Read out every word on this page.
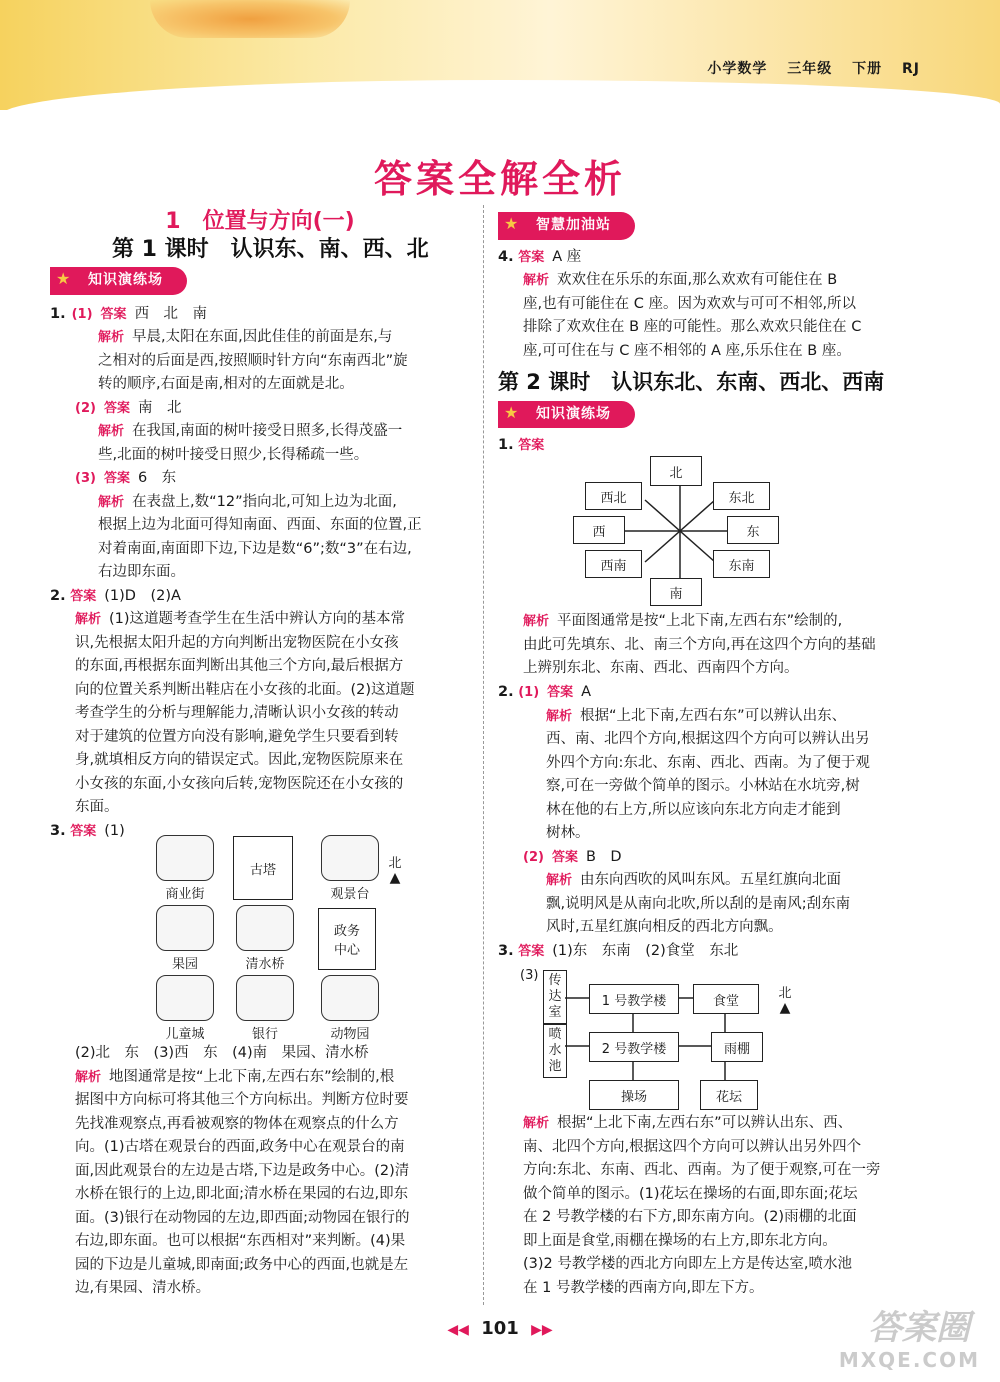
小学数学 三年级 下册 RJ
答案全解全析
1　位置与方向(一)
第 1 课时　认识东、南、西、北
★ 知识演练场

1. (1) 答案 西　北　南

解析 早晨,太阳在东面,因此佳佳的前面是东,与

之相对的后面是西,按照顺时针方向“东南西北”旋

转的顺序,右面是南,相对的左面就是北。

(2) 答案 南　北

解析 在我国,南面的树叶接受日照多,长得茂盛一

些,北面的树叶接受日照少,长得稀疏一些。

(3) 答案 6　东

解析 在表盘上,数“12”指向北,可知上边为北面,

根据上边为北面可得知南面、西面、东面的位置,正

对着南面,南面即下边,下边是数“6”;数“3”在右边,

右边即东面。

2. 答案 (1)D　(2)A

解析 (1)这道题考查学生在生活中辨认方向的基本常

识,先根据太阳升起的方向判断出宠物医院在小女孩

的东面,再根据东面判断出其他三个方向,最后根据方

向的位置关系判断出鞋店在小女孩的北面。(2)这道题

考查学生的分析与理解能力,清晰认识小女孩的转动

对于建筑的位置方向没有影响,避免学生只要看到转

身,就填相反方向的错误定式。因此,宠物医院原来在

小女孩的东面,小女孩向后转,宠物医院还在小女孩的

东面。

3. 答案 (1)

商业街
古塔
观景台
北
▲
果园	清水桥
政务中心
儿童城	银行	动物园

(2)北　东　(3)西　东　(4)南　果园、清水桥

解析 地图通常是按“上北下南,左西右东”绘制的,根

据图中方向标可将其他三个方向标出。判断方位时要

先找准观察点,再看被观察的物体在观察点的什么方

向。(1)古塔在观景台的西面,政务中心在观景台的南

面,因此观景台的左边是古塔,下边是政务中心。(2)清

水桥在银行的上边,即北面;清水桥在果园的右边,即东

面。(3)银行在动物园的左边,即西面;动物园在银行的

右边,即东面。也可以根据“东西相对”来判断。(4)果

园的下边是儿童城,即南面;政务中心的西面,也就是左

边,有果园、清水桥。

★ 智慧加油站

4. 答案 A 座

解析 欢欢住在乐乐的东面,那么欢欢有可能住在 B

座,也有可能住在 C 座。因为欢欢与可可不相邻,所以

排除了欢欢住在 B 座的可能性。那么欢欢只能住在 C

座,可可住在与 C 座不相邻的 A 座,乐乐住在 B 座。

第 2 课时　认识东北、东南、西北、西南
★ 知识演练场

1. 答案

北
西北	东北
西	东
西南	东南
南

解析 平面图通常是按“上北下南,左西右东”绘制的,

由此可先填东、北、南三个方向,再在这四个方向的基础

上辨别东北、东南、西北、西南四个方向。

2. (1) 答案 A

解析 根据“上北下南,左西右东”可以辨认出东、

西、南、北四个方向,根据这四个方向可以辨认出另

外四个方向:东北、东南、西北、西南。为了便于观

察,可在一旁做个简单的图示。小林站在水坑旁,树

林在他的右上方,所以应该向东北方向走才能到

树林。

(2) 答案 B　D

解析 由东向西吹的风叫东风。五星红旗向北面

飘,说明风是从南向北吹,所以刮的是南风;刮东南

风时,五星红旗向相反的西北方向飘。

3. 答案 (1)东　东南　(2)食堂　东北

(3) 传达室
喷水池
1 号教学楼	食堂
2 号教学楼	雨棚
操场	花坛
北
▲

解析 根据“上北下南,左西右东”可以辨认出东、西、

南、北四个方向,根据这四个方向可以辨认出另外四个

方向:东北、东南、西北、西南。为了便于观察,可在一旁

做个简单的图示。(1)花坛在操场的右面,即东面;花坛

在 2 号教学楼的右下方,即东南方向。(2)雨棚的北面

即上面是食堂,雨棚在操场的右上方,即东北方向。

(3)2 号教学楼的西北方向即左上方是传达室,喷水池

在 1 号教学楼的西南方向,即左下方。

◀◀ 101 ▶▶	答案圈
MXQE.COM
